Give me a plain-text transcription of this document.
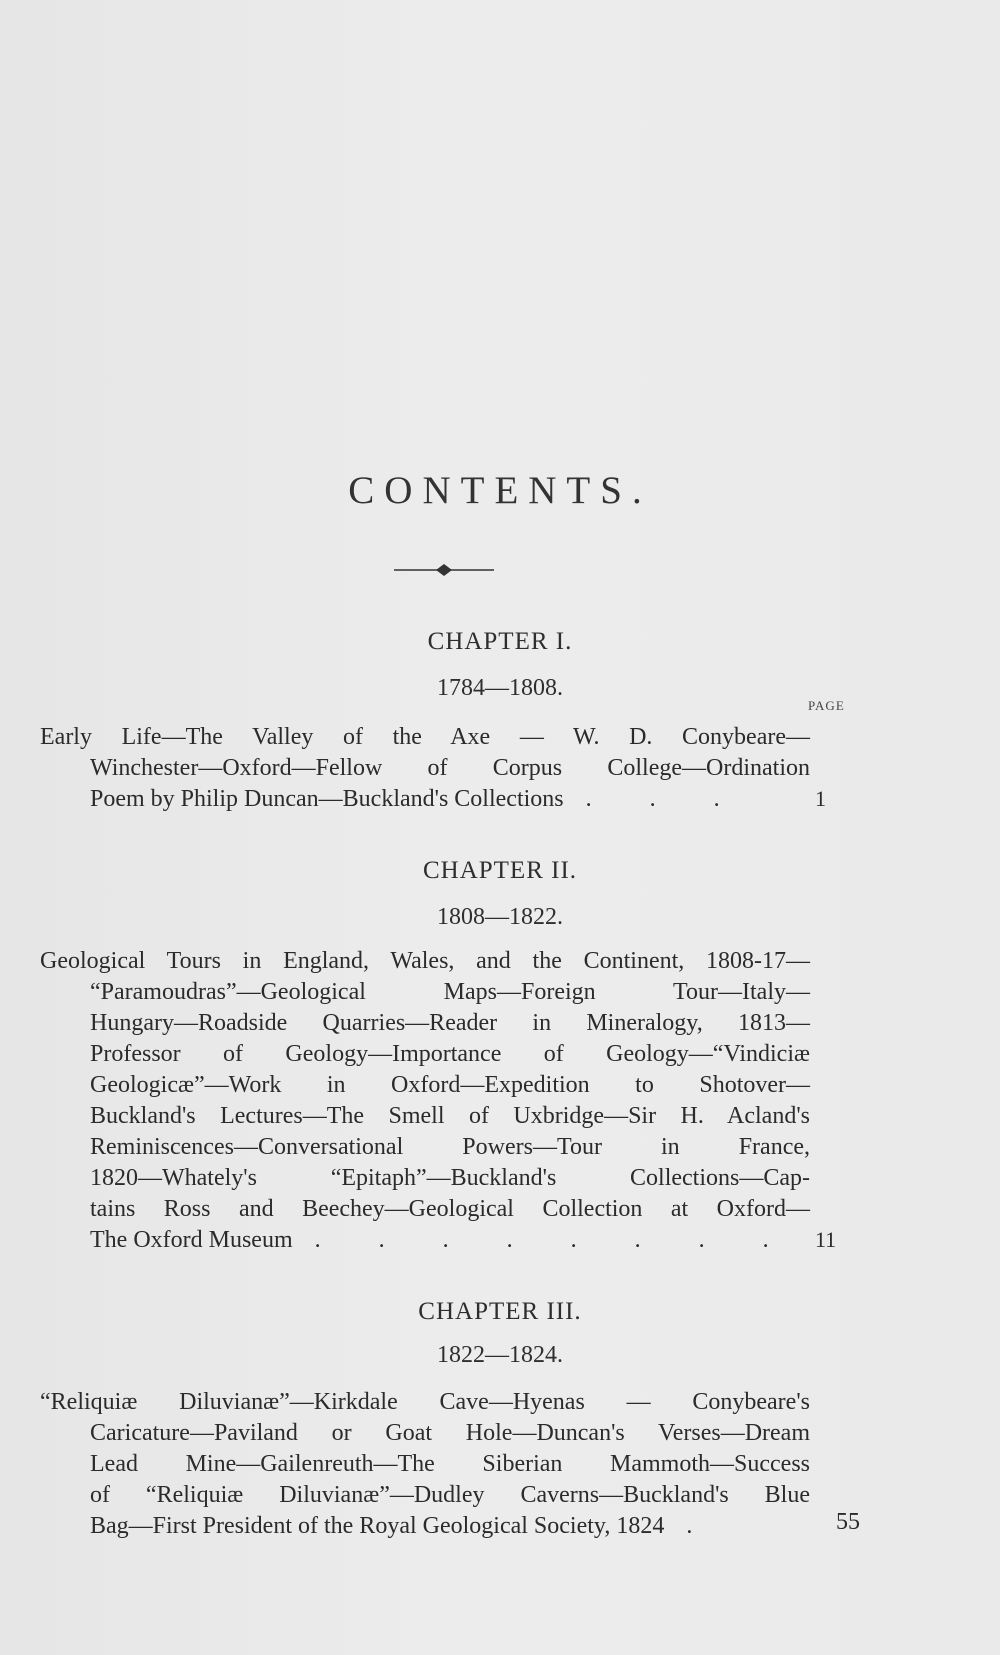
CONTENTS.
PAGE
CHAPTER I.
1784—1808.
Early Life—The Valley of the Axe — W. D. Conybeare—
Winchester—Oxford—Fellow of Corpus College—Ordination
Poem by Philip Duncan—Buckland's Collections . . .	1
CHAPTER II.
1808—1822.
Geological Tours in England, Wales, and the Continent, 1808-17—
“Paramoudras”—Geological Maps—Foreign Tour—Italy—
Hungary—Roadside Quarries—Reader in Mineralogy, 1813—
Professor of Geology—Importance of Geology—“Vindiciæ
Geologicæ”—Work in Oxford—Expedition to Shotover—
Buckland's Lectures—The Smell of Uxbridge—Sir H. Acland's
Reminiscences—Conversational Powers—Tour in France,
1820—Whately's “Epitaph”—Buckland's Collections—Cap-
tains Ross and Beechey—Geological Collection at Oxford—
The Oxford Museum . . . . . . . . 11
CHAPTER III.
1822—1824.
“Reliquiæ Diluvianæ”—Kirkdale Cave—Hyenas — Conybeare's
Caricature—Paviland or Goat Hole—Duncan's Verses—Dream
Lead Mine—Gailenreuth—The Siberian Mammoth—Success
of “Reliquiæ Diluvianæ”—Dudley Caverns—Buckland's Blue
Bag—First President of the Royal Geological Society, 1824 .	55
